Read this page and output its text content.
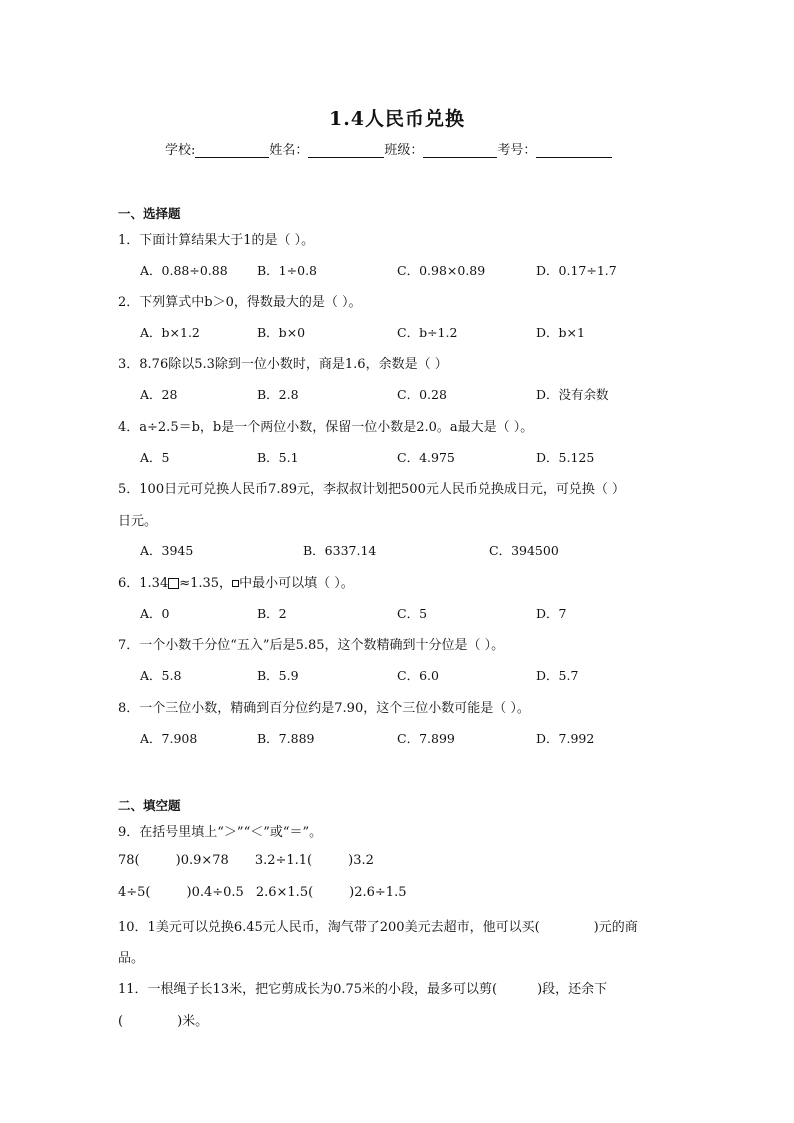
1.4人民币兑换
学校:	姓名：	班级：	考号：
一、选择题
1．下面计算结果大于1的是（ ）。
A．0.88÷0.88 B．1÷0.8	C．0.98×0.89	D．0.17÷1.7
2．下列算式中b＞0，得数最大的是（ ）。
A．b×1.2	B．b×0	C．b÷1.2	D．b×1
3．8.76除以5.3除到一位小数时，商是1.6，余数是（ ）
A．28	B．2.8	C．0.28	D．没有余数
4．a÷2.5＝b，b是一个两位小数，保留一位小数是2.0。a最大是（ ）。
A．5	B．5.1	C．4.975	D．5.125
5．100日元可兑换人民币7.89元，李叔叔计划把500元人民币兑换成日元，可兑换（ ）
日元。
A．3945	B．6337.14	C．394500
6．1.34 ≈1.35， 中最小可以填（ ）。
A．0	B．2	C．5	D．7
7．一个小数千分位“五入”后是5.85，这个数精确到十分位是（ ）。
A．5.8	B．5.9	C．6.0	D．5.7
8．一个三位小数，精确到百分位约是7.90，这个三位小数可能是（ ）。
A．7.908	B．7.889	C．7.899	D．7.992
二、填空题
9．在括号里填上“＞”“＜”或“＝”。
78(	)0.9×78 3.2÷1.1(	)3.2
4÷5(	)0.4÷0.5 2.6×1.5(	)2.6÷1.5
10．1美元可以兑换6.45元人民币，淘气带了200美元去超市，他可以买(	)元的商
品。
11．一根绳子长13米，把它剪成长为0.75米的小段，最多可以剪(	)段，还余下
(	)米。
